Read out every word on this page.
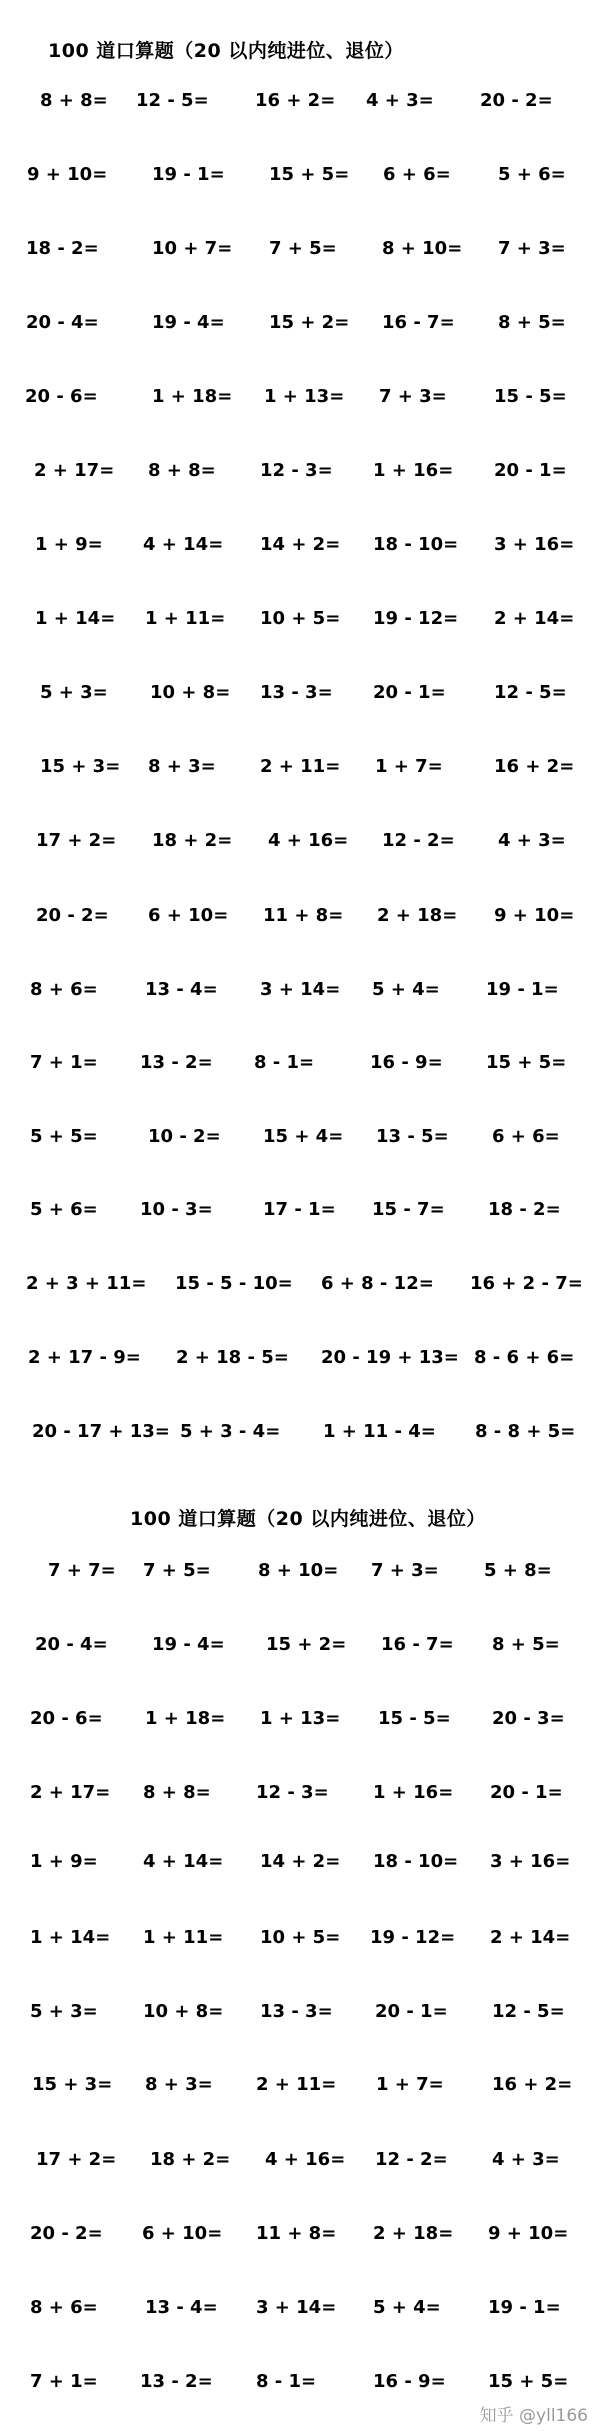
100 道口算题（20 以内纯进位、退位）
8 + 8= 12 - 5=	16 + 2= 4 + 3=	20 - 2=
9 + 10= 19 - 1= 15 + 5= 6 + 6=	5 + 6=
18 - 2=	10 + 7= 7 + 5=	8 + 10= 7 + 3=
20 - 4=	19 - 4= 15 + 2= 16 - 7= 8 + 5=
20 - 6=	1 + 18= 1 + 13= 7 + 3=	15 - 5=
2 + 17= 8 + 8= 12 - 3= 1 + 16= 20 - 1=
1 + 9= 4 + 14= 14 + 2= 18 - 10= 3 + 16=
1 + 14= 1 + 11= 10 + 5= 19 - 12= 2 + 14=
5 + 3= 10 + 8= 13 - 3= 20 - 1=	12 - 5=
15 + 3= 8 + 3= 2 + 11= 1 + 7=	16 + 2=
17 + 2= 18 + 2= 4 + 16= 12 - 2= 4 + 3=
20 - 2= 6 + 10= 11 + 8= 2 + 18= 9 + 10=
8 + 6=	13 - 4= 3 + 14= 5 + 4=	19 - 1=
7 + 1= 13 - 2= 8 - 1=	16 - 9= 15 + 5=
5 + 5=	10 - 2= 15 + 4= 13 - 5= 6 + 6=
5 + 6= 10 - 3=	17 - 1= 15 - 7= 18 - 2=
2 + 3 + 11= 15 - 5 - 10= 6 + 8 - 12= 16 + 2 - 7=
2 + 17 - 9= 2 + 18 - 5= 20 - 19 + 13= 8 - 6 + 6=
20 - 17 + 13= 5 + 3 - 4= 1 + 11 - 4= 8 - 8 + 5=
100 道口算题（20 以内纯进位、退位）
7 + 7= 7 + 5=	8 + 10= 7 + 3=	5 + 8=
20 - 4= 19 - 4= 15 + 2= 16 - 7= 8 + 5=
20 - 6= 1 + 18= 1 + 13= 15 - 5= 20 - 3=
2 + 17= 8 + 8=	12 - 3= 1 + 16= 20 - 1=
1 + 9=	4 + 14= 14 + 2= 18 - 10= 3 + 16=
1 + 14= 1 + 11= 10 + 5= 19 - 12= 2 + 14=
5 + 3=	10 + 8= 13 - 3= 20 - 1= 12 - 5=
15 + 3= 8 + 3= 2 + 11= 1 + 7=	16 + 2=
17 + 2= 18 + 2= 4 + 16= 12 - 2= 4 + 3=
20 - 2= 6 + 10= 11 + 8= 2 + 18= 9 + 10=
8 + 6=	13 - 4= 3 + 14= 5 + 4=	19 - 1=
7 + 1= 13 - 2= 8 - 1=	16 - 9= 15 + 5=
知乎 @yll166
